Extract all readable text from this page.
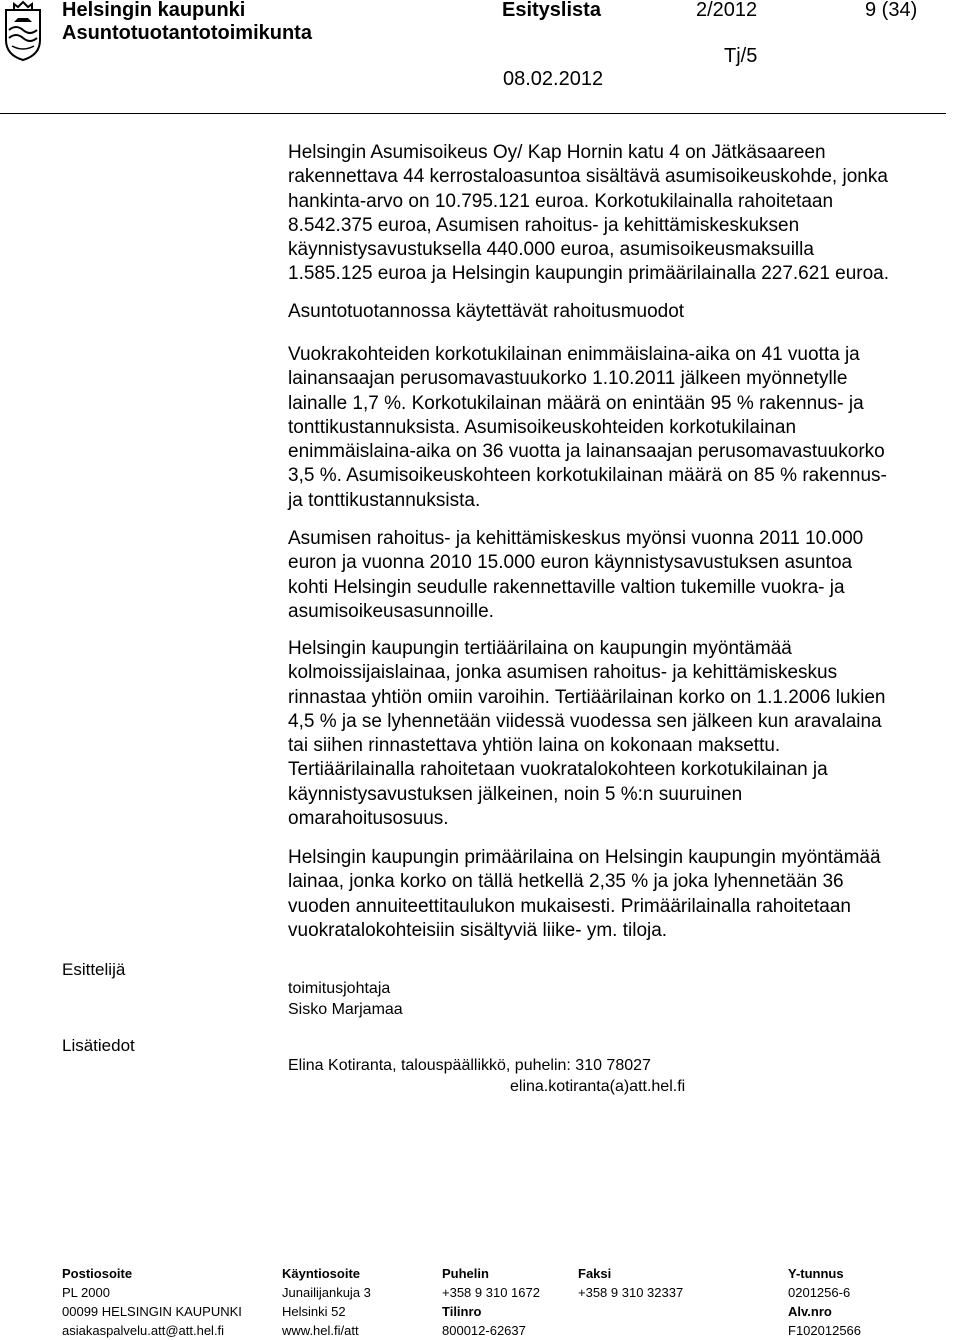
Helsingin kaupunki
Asuntotuotantotoimikunta
Esityslista	2/2012	9 (34)
Tj/5
08.02.2012
Helsingin Asumisoikeus Oy/ Kap Hornin katu 4 on Jätkäsaareen
rakennettava 44 kerrostaloasuntoa sisältävä asumisoikeuskohde, jonka
hankinta-arvo on 10.795.121 euroa. Korkotukilainalla rahoitetaan
8.542.375 euroa, Asumisen rahoitus- ja kehittämiskeskuksen
käynnistysavustuksella 440.000 euroa, asumisoikeusmaksuilla
1.585.125 euroa ja Helsingin kaupungin primäärilainalla 227.621 euroa.
Asuntotuotannossa käytettävät rahoitusmuodot
Vuokrakohteiden korkotukilainan enimmäislaina-aika on 41 vuotta ja
lainansaajan perusomavastuukorko 1.10.2011 jälkeen myönnetylle
lainalle 1,7 %. Korkotukilainan määrä on enintään 95 % rakennus- ja
tonttikustannuksista. Asumisoikeuskohteiden korkotukilainan
enimmäislaina-aika on 36 vuotta ja lainansaajan perusomavastuukorko
3,5 %. Asumisoikeuskohteen korkotukilainan määrä on 85 % rakennus-
ja tonttikustannuksista.
Asumisen rahoitus- ja kehittämiskeskus myönsi vuonna 2011 10.000
euron ja vuonna 2010 15.000 euron käynnistysavustuksen asuntoa
kohti Helsingin seudulle rakennettaville valtion tukemille vuokra- ja
asumisoikeusasunnoille.
Helsingin kaupungin tertiäärilaina on kaupungin myöntämää
kolmoissijaislainaa, jonka asumisen rahoitus- ja kehittämiskeskus
rinnastaa yhtiön omiin varoihin. Tertiäärilainan korko on 1.1.2006 lukien
4,5 % ja se lyhennetään viidessä vuodessa sen jälkeen kun aravalaina
tai siihen rinnastettava yhtiön laina on kokonaan maksettu.
Tertiäärilainalla rahoitetaan vuokratalokohteen korkotukilainan ja
käynnistysavustuksen jälkeinen, noin 5 %:n suuruinen
omarahoitusosuus.
Helsingin kaupungin primäärilaina on Helsingin kaupungin myöntämää
lainaa, jonka korko on tällä hetkellä 2,35 % ja joka lyhennetään 36
vuoden annuiteettitaulukon mukaisesti. Primäärilainalla rahoitetaan
vuokratalokohteisiin sisältyviä liike- ym. tiloja.
Esittelijä
toimitusjohtaja
Sisko Marjamaa
Lisätiedot
Elina Kotiranta, talouspäällikkö, puhelin: 310 78027
elina.kotiranta(a)att.hel.fi
Postiosoite
PL 2000
00099 HELSINGIN KAUPUNKI
asiakaspalvelu.att@att.hel.fi
Käyntiosoite
Junailijankuja 3
Helsinki 52
www.hel.fi/att
Puhelin
+358 9 310 1672
Tilinro
800012-62637
Faksi
+358 9 310 32337
Y-tunnus
0201256-6
Alv.nro
F102012566
